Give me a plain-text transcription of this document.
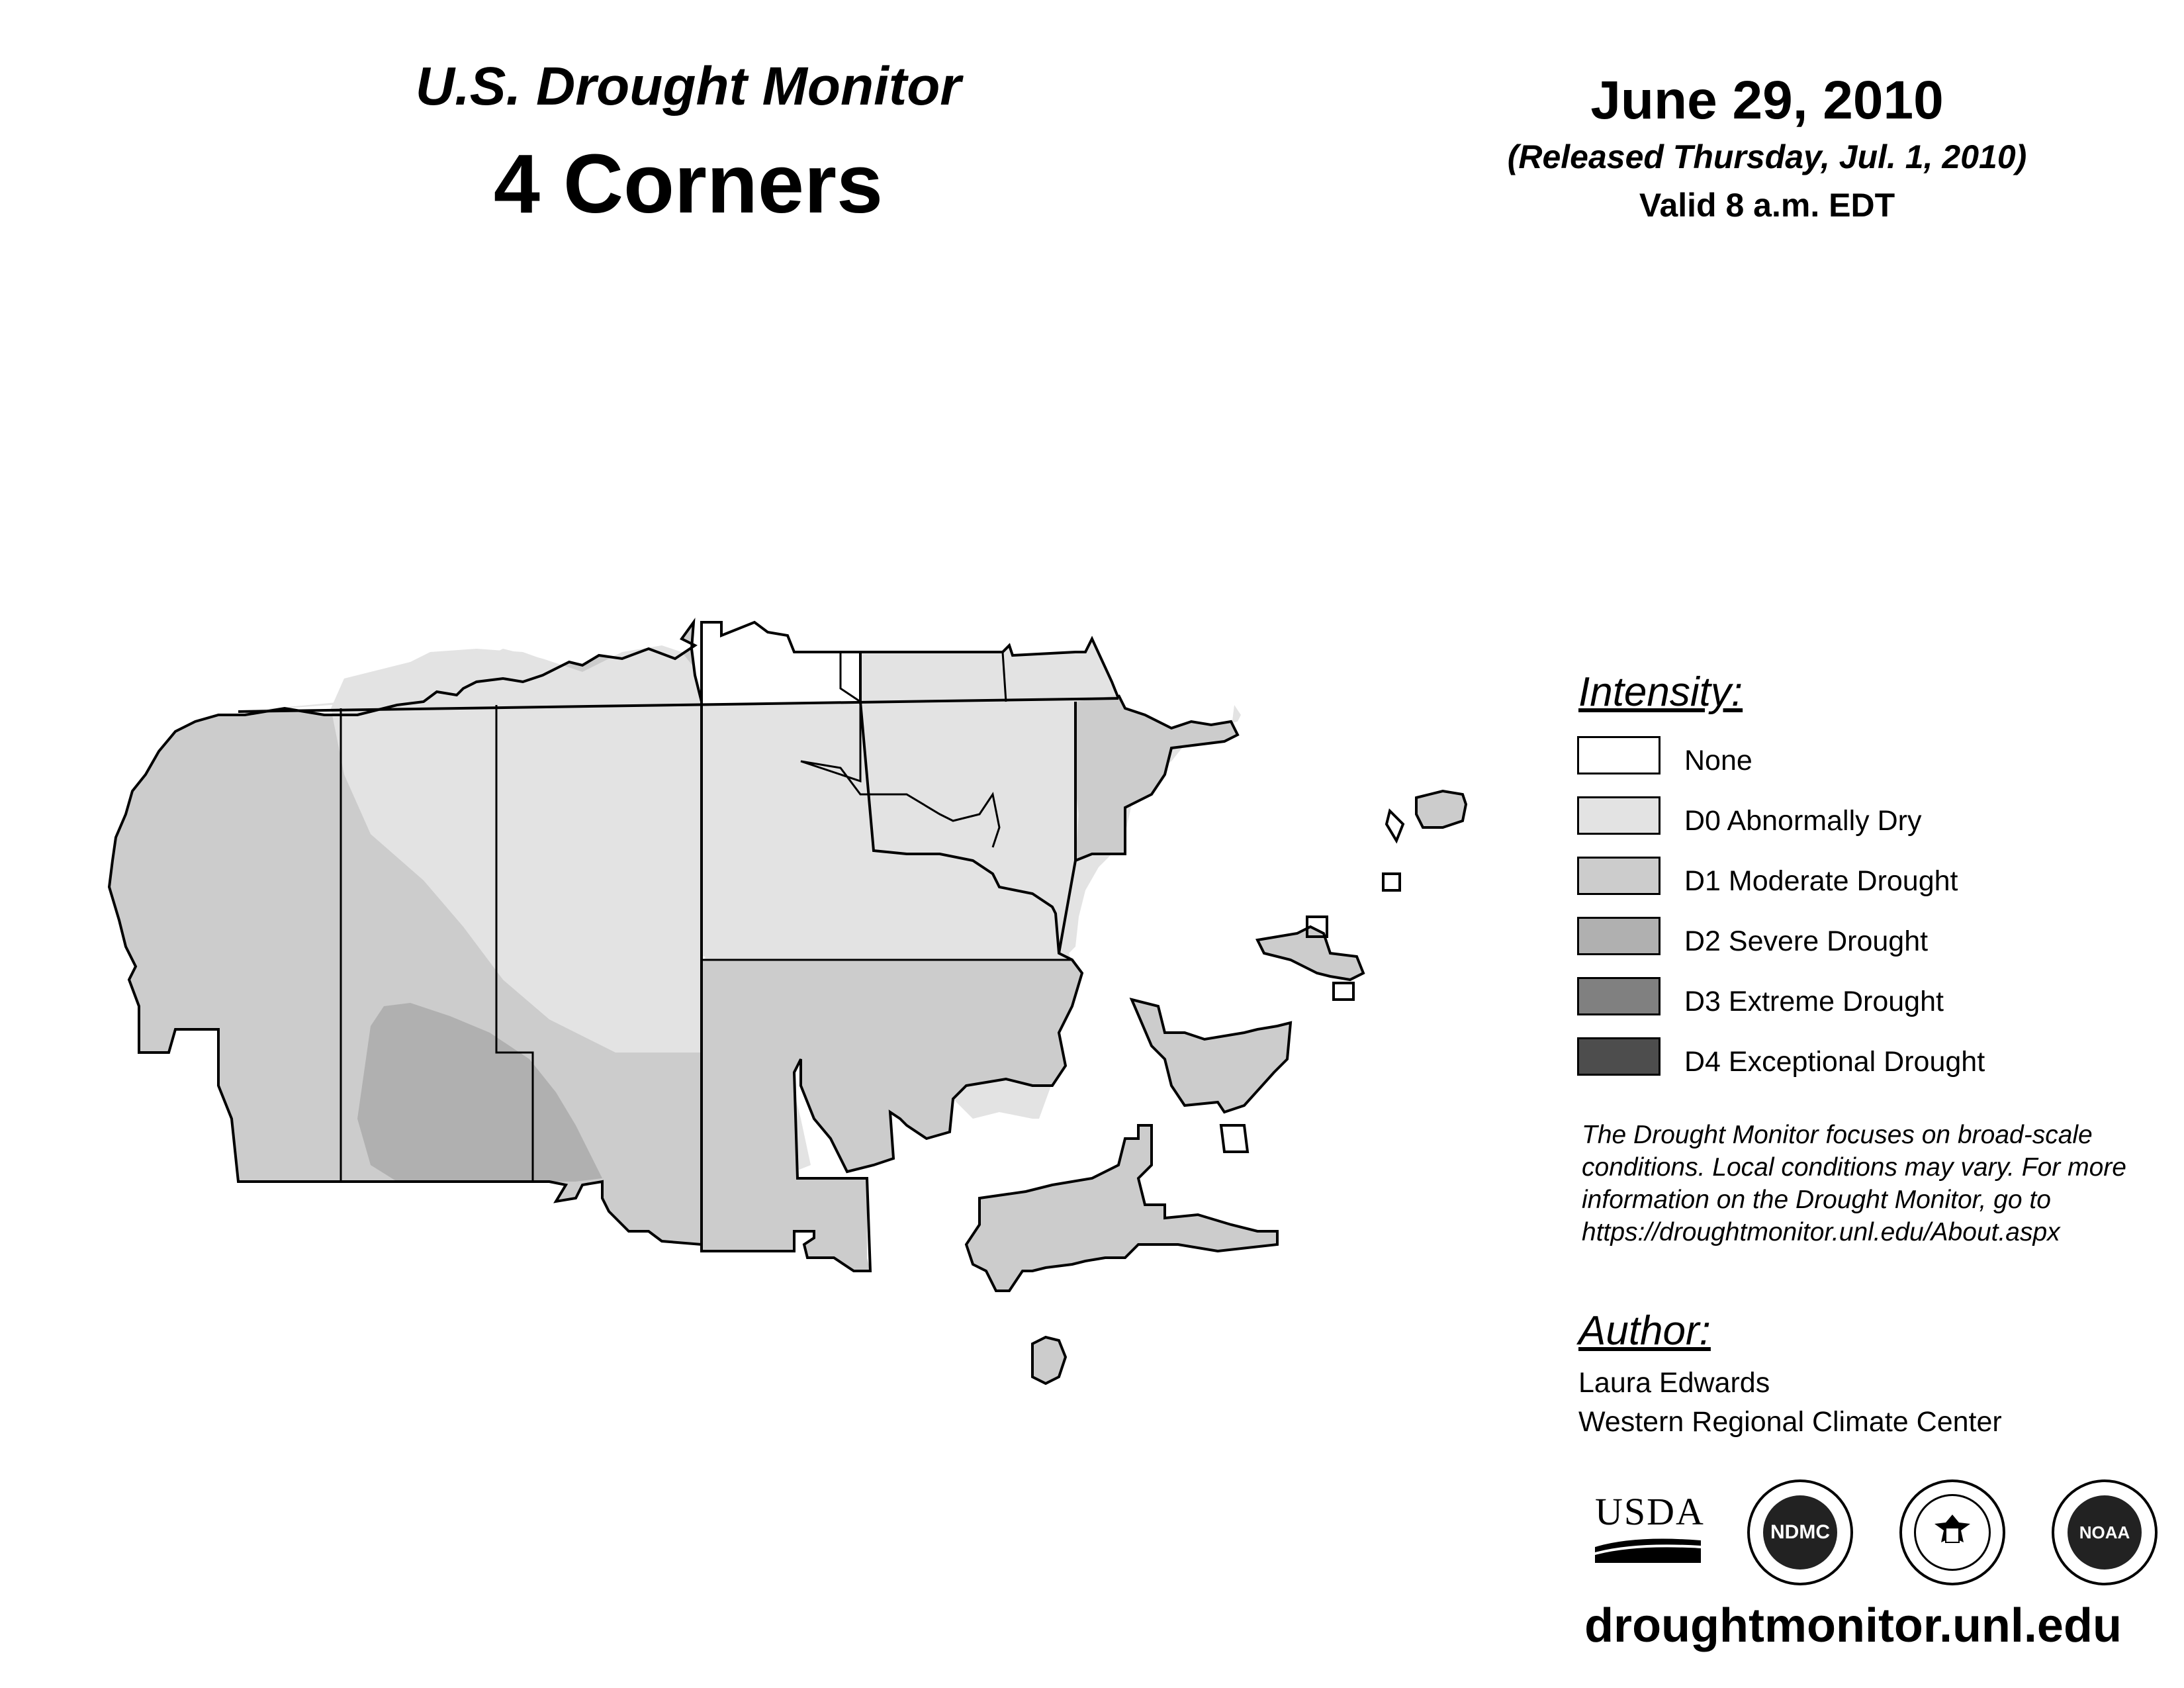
U.S. Drought Monitor
4 Corners
June 29, 2010
(Released Thursday, Jul. 1, 2010)
Valid 8 a.m. EDT
Intensity:
None
D0 Abnormally Dry
D1 Moderate Drought
D2 Severe Drought
D3 Extreme Drought
D4 Exceptional Drought
The Drought Monitor focuses on broad-scale
conditions. Local conditions may vary. For more
information on the Drought Monitor, go to
https://droughtmonitor.unl.edu/About.aspx
Author:
Laura Edwards
Western Regional Climate Center
USDA	NDMC	NOAA
droughtmonitor.unl.edu
